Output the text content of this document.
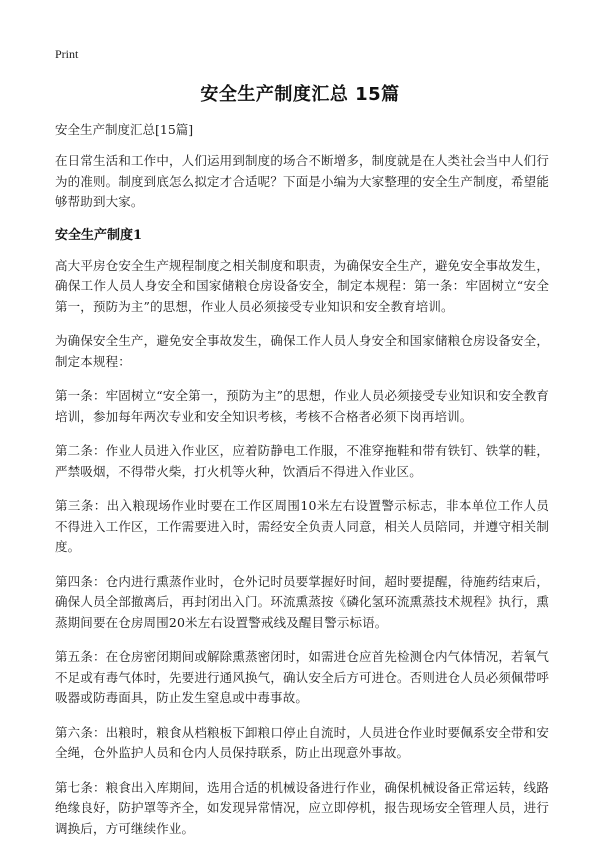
Print
安全生产制度汇总 15篇
安全生产制度汇总[15篇]

在日常生活和工作中，人们运用到制度的场合不断增多，制度就是在人类社会当中人们行为的准则。制度到底怎么拟定才合适呢？下面是小编为大家整理的安全生产制度，希望能够帮助到大家。

安全生产制度1

高大平房仓安全生产规程制度之相关制度和职责，为确保安全生产，避免安全事故发生，确保工作人员人身安全和国家储粮仓房设备安全，制定本规程：第一条：牢固树立“安全第一，预防为主”的思想，作业人员必须接受专业知识和安全教育培训。

为确保安全生产，避免安全事故发生，确保工作人员人身安全和国家储粮仓房设备安全，制定本规程：

第一条：牢固树立“安全第一，预防为主”的思想，作业人员必须接受专业知识和安全教育培训，参加每年两次专业和安全知识考核，考核不合格者必须下岗再培训。

第二条：作业人员进入作业区，应着防静电工作服，不准穿拖鞋和带有铁钉、铁掌的鞋，严禁吸烟，不得带火柴，打火机等火种，饮酒后不得进入作业区。

第三条：出入粮现场作业时要在工作区周围10米左右设置警示标志，非本单位工作人员不得进入工作区，工作需要进入时，需经安全负责人同意，相关人员陪同，并遵守相关制度。

第四条：仓内进行熏蒸作业时，仓外记时员要掌握好时间，超时要提醒，待施药结束后，确保人员全部撤离后，再封闭出入门。环流熏蒸按《磷化氢环流熏蒸技术规程》执行，熏蒸期间要在仓房周围20米左右设置警戒线及醒目警示标语。

第五条：在仓房密闭期间或解除熏蒸密闭时，如需进仓应首先检测仓内气体情况，若氧气不足或有毒气体时，先要进行通风换气，确认安全后方可进仓。否则进仓人员必须佩带呼吸器或防毒面具，防止发生窒息或中毒事故。

第六条：出粮时，粮食从档粮板下卸粮口停止自流时，人员进仓作业时要佩系安全带和安全绳，仓外监护人员和仓内人员保持联系，防止出现意外事故。

第七条：粮食出入库期间，选用合适的机械设备进行作业，确保机械设备正常运转，线路绝缘良好，防护罩等齐全，如发现异常情况，应立即停机，报告现场安全管理人员，进行调换后，方可继续作业。
